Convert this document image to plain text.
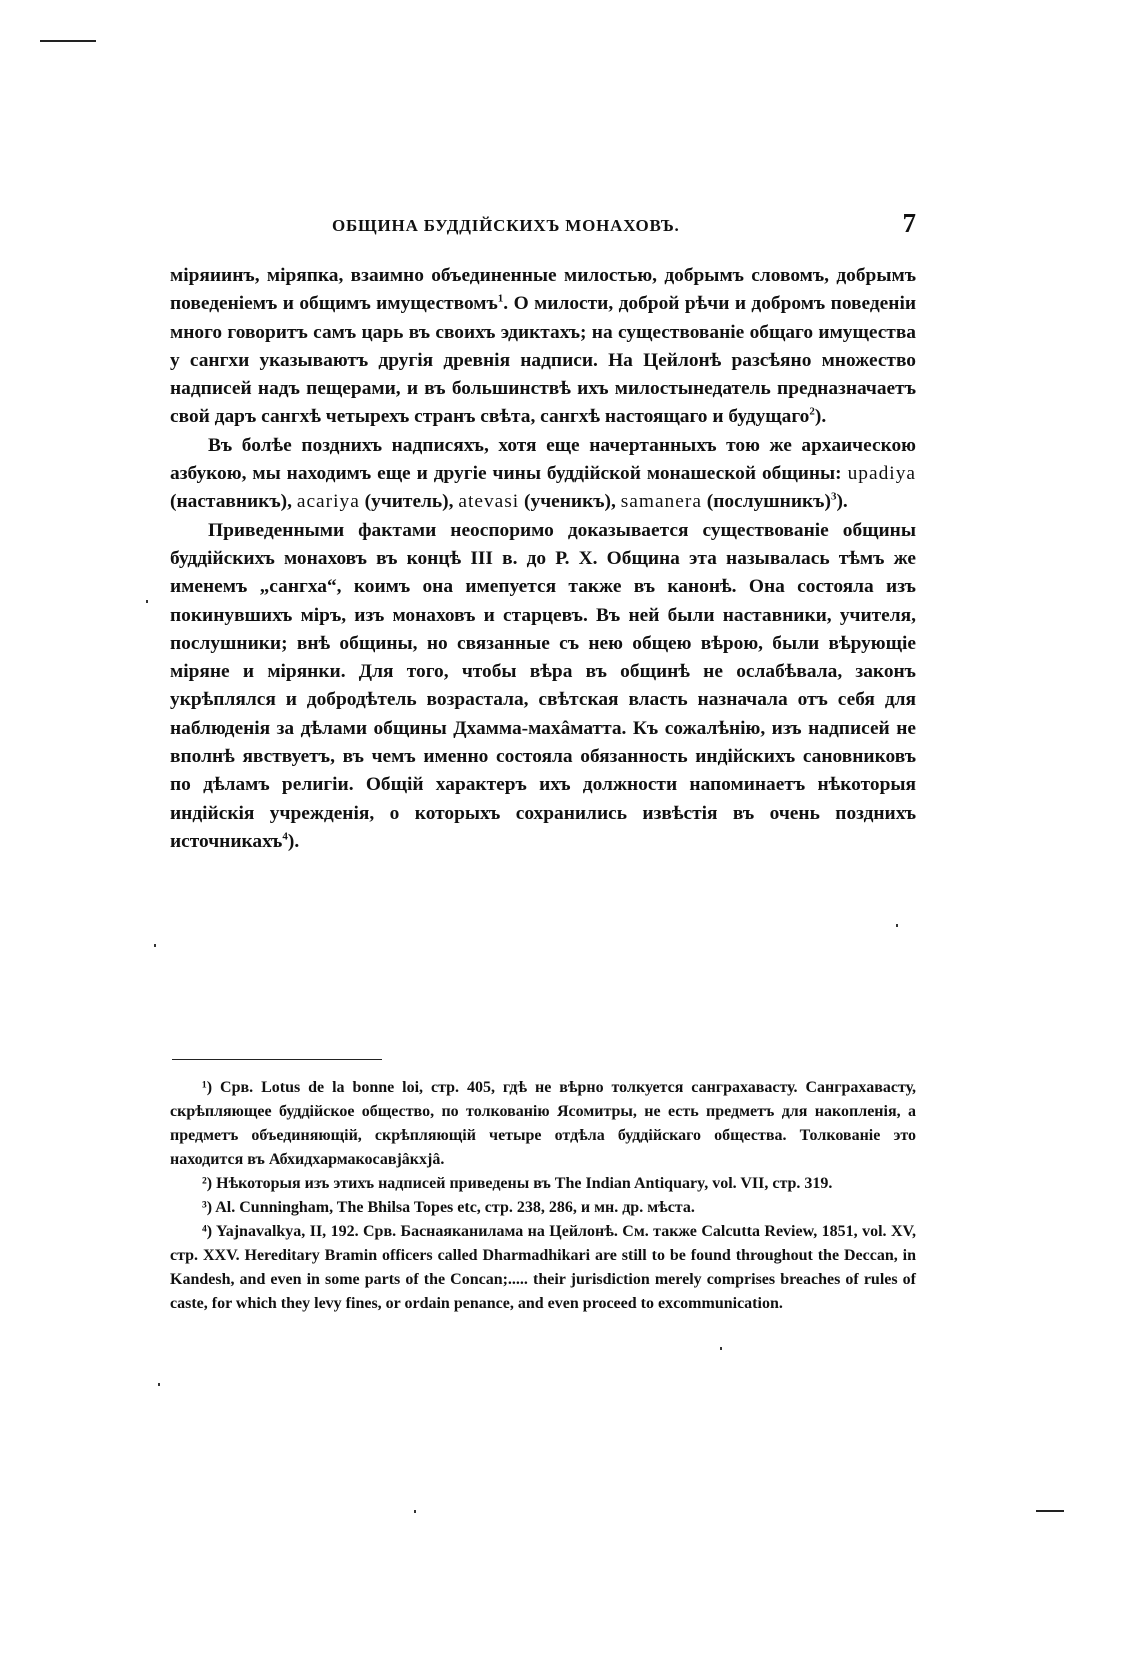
ОБЩИНА БУДДІЙСКИХЪ МОНАХОВЪ.	7

міряиинъ, міряпка, взаимно объединенные милостью, добрымъ словомъ, добрымъ поведеніемъ и общимъ имуществомъ$^1$. О милости, доброй рѣчи и добромъ поведеніи много говоритъ самъ царь въ своихъ эдиктахъ; на существованіе общаго имущества у сангхи указываютъ другія древнія надписи. На Цейлонѣ разсѣяно множество надписей надъ пещерами, и въ большинствѣ ихъ милостынедатель предназначаетъ свой даръ сангхѣ четырехъ странъ свѣта, сангхѣ настоящаго и будущаго$^2$).

Въ болѣе позднихъ надписяхъ, хотя еще начертанныхъ тою же архаическою азбукою, мы находимъ еще и другіе чины буддійской монашеской общины: upadiya (наставникъ), acariya (учитель), atevasi (ученикъ), samanera (послушникъ)$^3$).

Приведенными фактами неоспоримо доказывается существованіе общины буддійскихъ монаховъ въ концѣ III в. до Р. Х. Община эта называлась тѣмъ же именемъ „сангха“, коимъ она имепуется также въ канонѣ. Она состояла изъ покинувшихъ міръ, изъ монаховъ и старцевъ. Въ ней были наставники, учителя, послушники; внѣ общины, но связанные съ нею общею вѣрою, были вѣрующіе міряне и мірянки. Для того, чтобы вѣра въ общинѣ не ослабѣвала, законъ укрѣплялся и добродѣтель возрастала, свѣтская власть назначала отъ себя для наблюденія за дѣлами общины Дхамма-махâматта. Къ сожалѣнію, изъ надписей не вполнѣ явствуетъ, въ чемъ именно состояла обязанность индійскихъ сановниковъ по дѣламъ религіи. Общій характеръ ихъ должности напоминаетъ нѣкоторыя индійскія учрежденія, о которыхъ сохранились извѣстія въ очень позднихъ источникахъ$^4$).

¹) Срв. Lotus de la bonne loi, стр. 405, гдѣ не вѣрно толкуется санграхавасту. Санграхавасту, скрѣпляющее буддійское общество, по толкованію Ясомитры, не есть предметъ для накопленія, а предметъ объединяющій, скрѣпляющій четыре отдѣла буддійскаго общества. Толкованіе это находится въ Абхидхармакосавјâкхјâ.

²) Нѣкоторыя изъ этихъ надписей приведены въ The Indian Antiquary, vol. VII, стр. 319.

³) Al. Cunningham, The Bhilsa Topes etc, стр. 238, 286, и мн. др. мѣста.

⁴) Yajnavalkya, II, 192. Срв. Баснаяканилама на Цейлонѣ. См. также Calcutta Review, 1851, vol. XV, стр. XXV. Hereditary Bramin officers called Dharmadhikari are still to be found throughout the Deccan, in Kandesh, and even in some parts of the Concan;..... their jurisdiction merely comprises breaches of rules of caste, for which they levy fines, or ordain penance, and even proceed to excommunication.
